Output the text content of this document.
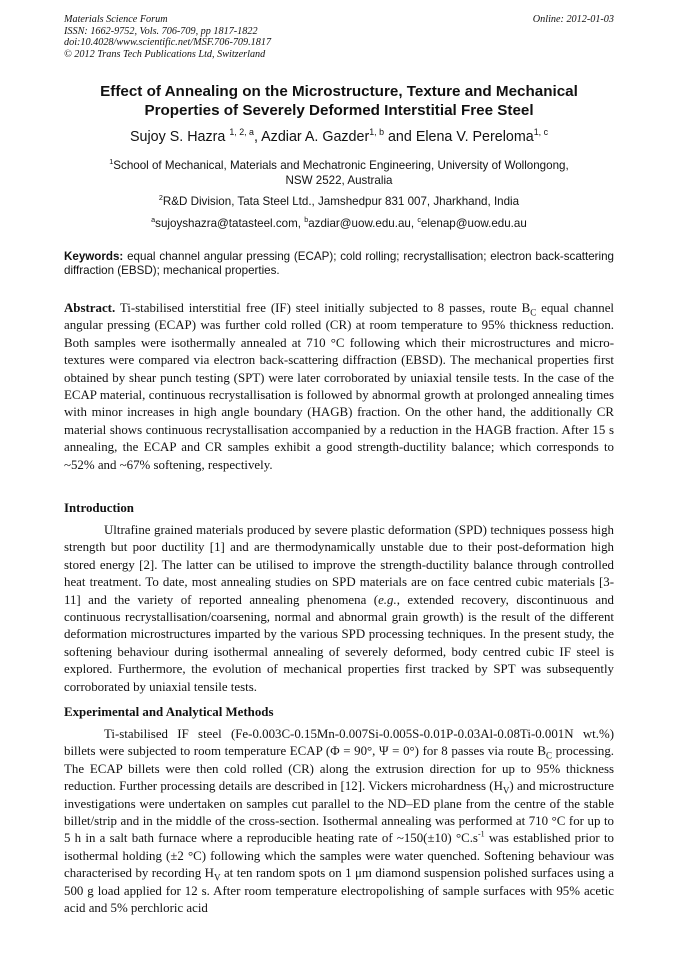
Materials Science Forum
ISSN: 1662-9752, Vols. 706-709, pp 1817-1822
doi:10.4028/www.scientific.net/MSF.706-709.1817
© 2012 Trans Tech Publications Ltd, Switzerland
Online: 2012-01-03
Effect of Annealing on the Microstructure, Texture and Mechanical
Properties of Severely Deformed Interstitial Free Steel
Sujoy S. Hazra $^{1, 2, a}$, Azdiar A. Gazder$^{1, b}$ and Elena V. Pereloma$^{1, c}$
$^1$School of Mechanical, Materials and Mechatronic Engineering, University of Wollongong,
NSW 2522, Australia
$^2$R&D Division, Tata Steel Ltd., Jamshedpur 831 007, Jharkhand, India
$^a$sujoyshazra@tatasteel.com, $^b$azdiar@uow.edu.au, $^c$elenap@uow.edu.au
Keywords: equal channel angular pressing (ECAP); cold rolling; recrystallisation; electron back-scattering diffraction (EBSD); mechanical properties.
Abstract. Ti-stabilised interstitial free (IF) steel initially subjected to 8 passes, route $B_C$ equal channel angular pressing (ECAP) was further cold rolled (CR) at room temperature to 95% thickness reduction. Both samples were isothermally annealed at 710 °C following which their microstructures and micro-textures were compared via electron back-scattering diffraction (EBSD). The mechanical properties first obtained by shear punch testing (SPT) were later corroborated by uniaxial tensile tests. In the case of the ECAP material, continuous recrystallisation is followed by abnormal growth at prolonged annealing times with minor increases in high angle boundary (HAGB) fraction. On the other hand, the additionally CR material shows continuous recrystallisation accompanied by a reduction in the HAGB fraction. After 15 s annealing, the ECAP and CR samples exhibit a good strength-ductility balance; which corresponds to ~52% and ~67% softening, respectively.
Introduction
Ultrafine grained materials produced by severe plastic deformation (SPD) techniques possess high strength but poor ductility [1] and are thermodynamically unstable due to their post-deformation high stored energy [2]. The latter can be utilised to improve the strength-ductility balance through controlled heat treatment. To date, most annealing studies on SPD materials are on face centred cubic materials [3-11] and the variety of reported annealing phenomena (e.g., extended recovery, discontinuous and continuous recrystallisation/coarsening, normal and abnormal grain growth) is the result of the different deformation microstructures imparted by the various SPD processing techniques. In the present study, the softening behaviour during isothermal annealing of severely deformed, body centred cubic IF steel is explored. Furthermore, the evolution of mechanical properties first tracked by SPT was subsequently corroborated by uniaxial tensile tests.
Experimental and Analytical Methods
Ti-stabilised IF steel (Fe-0.003C-0.15Mn-0.007Si-0.005S-0.01P-0.03Al-0.08Ti-0.001N wt.%) billets were subjected to room temperature ECAP (Φ = 90°, Ψ = 0°) for 8 passes via route $B_C$ processing. The ECAP billets were then cold rolled (CR) along the extrusion direction for up to 95% thickness reduction. Further processing details are described in [12]. Vickers microhardness $(H_V)$ and microstructure investigations were undertaken on samples cut parallel to the ND–ED plane from the centre of the stable billet/strip and in the middle of the cross-section. Isothermal annealing was performed at 710 °C for up to 5 h in a salt bath furnace where a reproducible heating rate of ~150(±10) $^\circ C.s^{-1}$ was established prior to isothermal holding (±2 °C) following which the samples were water quenched. Softening behaviour was characterised by recording $H_V$ at ten random spots on 1 μm diamond suspension polished surfaces using a 500 g load applied for 12 s. After room temperature electropolishing of sample surfaces with 95% acetic acid and 5% perchloric acid
